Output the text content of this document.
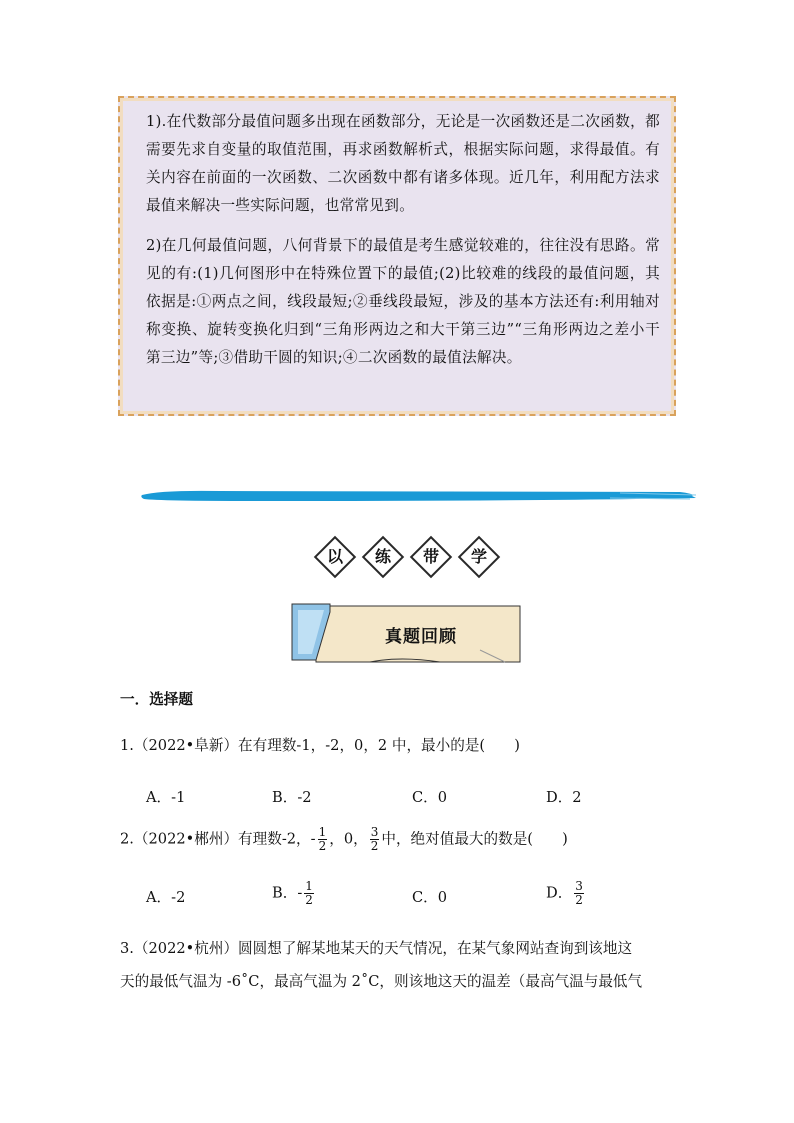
1).在代数部分最值问题多出现在函数部分，无论是一次函数还是二次函数，都需要先求自变量的取值范围，再求函数解析式，根据实际问题，求得最值。有关内容在前面的一次函数、二次函数中都有诸多体现。近几年，利用配方法求最值来解决一些实际问题，也常常见到。

2)在几何最值问题，八何背景下的最值是考生感觉较难的，往往没有思路。常见的有:(1)几何图形中在特殊位置下的最值;(2)比较难的线段的最值问题，其依据是:①两点之间，线段最短;②垂线段最短，涉及的基本方法还有:利用轴对称变换、旋转变换化归到“三角形两边之和大干第三边”“三角形两边之差小干第三边”等;③借助干圆的知识;④二次函数的最值法解决。

以	练	带	学
真题回顾
一．选择题
1.（2022•阜新）在有理数-1，-2，0，2 中，最小的是(　　)
A．-1	B．-2	C．0	D．2
2.（2022•郴州）有理数-2，- $\frac{1}{2}$ ，0， $\frac{3}{2}$ 中，绝对值最大的数是(　　)
A．-2	B．- $\frac{1}{2}$	C．0	D． $\frac{3}{2}$
3.（2022•杭州）圆圆想了解某地某天的天气情况，在某气象网站查询到该地这
天的最低气温为 -6˚C，最高气温为 2˚C，则该地这天的温差（最高气温与最低气
